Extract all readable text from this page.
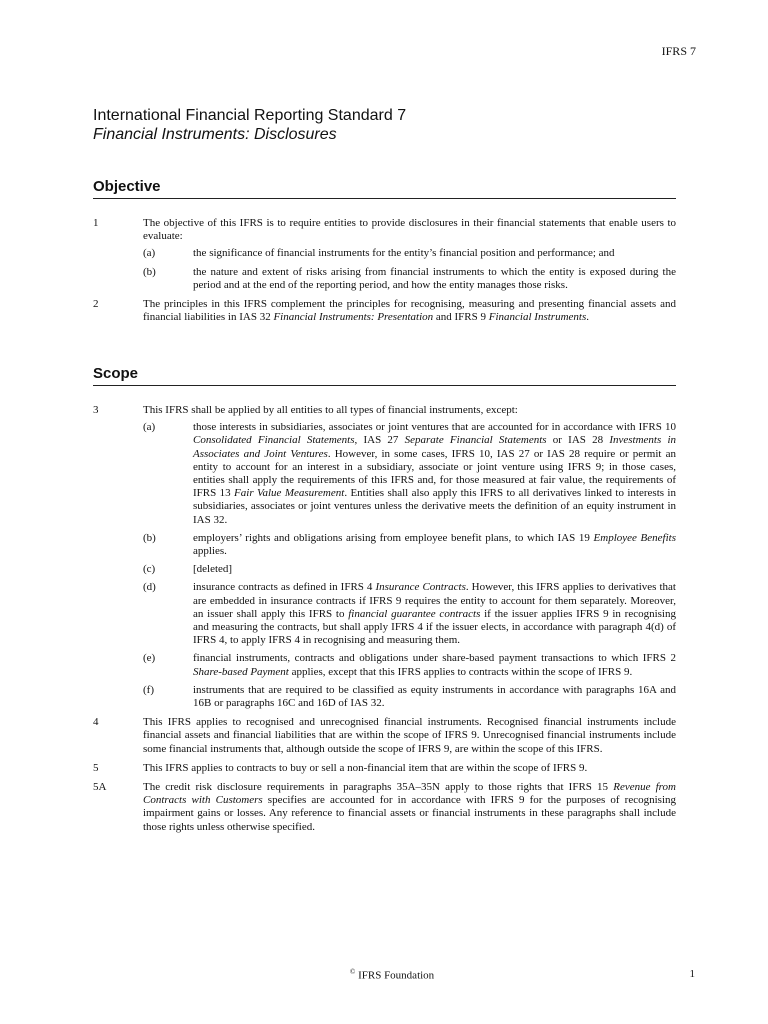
IFRS 7

International Financial Reporting Standard 7

Financial Instruments: Disclosures

Objective
1	The objective of this IFRS is to require entities to provide disclosures in their financial statements that enable users to evaluate:
(a)	the significance of financial instruments for the entity’s financial position and performance; and
(b)	the nature and extent of risks arising from financial instruments to which the entity is exposed during the period and at the end of the reporting period, and how the entity manages those risks.
2	The principles in this IFRS complement the principles for recognising, measuring and presenting financial assets and financial liabilities in IAS 32 Financial Instruments: Presentation and IFRS 9 Financial Instruments.
Scope
3	This IFRS shall be applied by all entities to all types of financial instruments, except:
(a)	those interests in subsidiaries, associates or joint ventures that are accounted for in accordance with IFRS 10 Consolidated Financial Statements, IAS 27 Separate Financial Statements or IAS 28 Investments in Associates and Joint Ventures. However, in some cases, IFRS 10, IAS 27 or IAS 28 require or permit an entity to account for an interest in a subsidiary, associate or joint venture using IFRS 9; in those cases, entities shall apply the requirements of this IFRS and, for those measured at fair value, the requirements of IFRS 13 Fair Value Measurement. Entities shall also apply this IFRS to all derivatives linked to interests in subsidiaries, associates or joint ventures unless the derivative meets the definition of an equity instrument in IAS 32.
(b)	employers’ rights and obligations arising from employee benefit plans, to which IAS 19 Employee Benefits applies.
(c)	[deleted]
(d)	insurance contracts as defined in IFRS 4 Insurance Contracts. However, this IFRS applies to derivatives that are embedded in insurance contracts if IFRS 9 requires the entity to account for them separately. Moreover, an issuer shall apply this IFRS to financial guarantee contracts if the issuer applies IFRS 9 in recognising and measuring the contracts, but shall apply IFRS 4 if the issuer elects, in accordance with paragraph 4(d) of IFRS 4, to apply IFRS 4 in recognising and measuring them.
(e)	financial instruments, contracts and obligations under share-based payment transactions to which IFRS 2 Share-based Payment applies, except that this IFRS applies to contracts within the scope of IFRS 9.
(f)	instruments that are required to be classified as equity instruments in accordance with paragraphs 16A and 16B or paragraphs 16C and 16D of IAS 32.
4	This IFRS applies to recognised and unrecognised financial instruments. Recognised financial instruments include financial assets and financial liabilities that are within the scope of IFRS 9. Unrecognised financial instruments include some financial instruments that, although outside the scope of IFRS 9, are within the scope of this IFRS.
5	This IFRS applies to contracts to buy or sell a non-financial item that are within the scope of IFRS 9.
5A	The credit risk disclosure requirements in paragraphs 35A–35N apply to those rights that IFRS 15 Revenue from Contracts with Customers specifies are accounted for in accordance with IFRS 9 for the purposes of recognising impairment gains or losses. Any reference to financial assets or financial instruments in these paragraphs shall include those rights unless otherwise specified.
© IFRS Foundation	1
